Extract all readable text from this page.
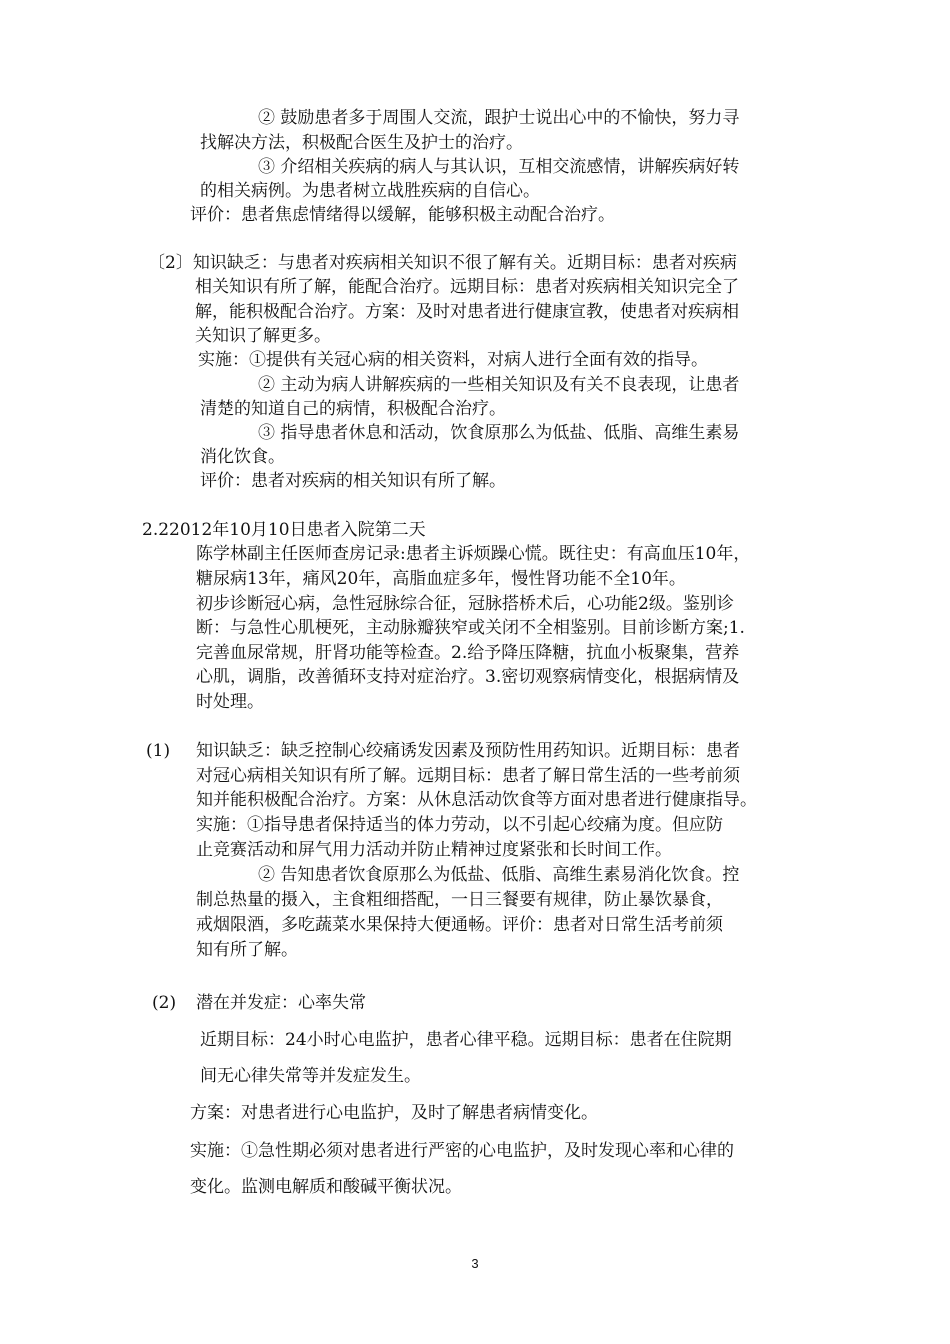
② 鼓励患者多于周围人交流，跟护士说出心中的不愉快，努力寻

找解决方法，积极配合医生及护士的治疗。

③ 介绍相关疾病的病人与其认识，互相交流感情，讲解疾病好转

的相关病例。为患者树立战胜疾病的自信心。

评价：患者焦虑情绪得以缓解，能够积极主动配合治疗。

〔2〕知识缺乏：与患者对疾病相关知识不很了解有关。近期目标：患者对疾病

相关知识有所了解，能配合治疗。远期目标：患者对疾病相关知识完全了

解，能积极配合治疗。方案：及时对患者进行健康宣教，使患者对疾病相

关知识了解更多。

实施：①提供有关冠心病的相关资料，对病人进行全面有效的指导。

② 主动为病人讲解疾病的一些相关知识及有关不良表现，让患者

清楚的知道自己的病情，积极配合治疗。

③ 指导患者休息和活动，饮食原那么为低盐、低脂、高维生素易

消化饮食。

评价：患者对疾病的相关知识有所了解。

2.22012年10月10日患者入院第二天

陈学林副主任医师查房记录:患者主诉烦躁心慌。既往史：有高血压10年，

糖尿病13年，痛风20年，高脂血症多年，慢性肾功能不全10年。

初步诊断冠心病，急性冠脉综合征，冠脉搭桥术后，心功能2级。鉴别诊

断：与急性心肌梗死，主动脉瓣狭窄或关闭不全相鉴别。目前诊断方案;1.

完善血尿常规，肝肾功能等检查。2.给予降压降糖，抗血小板聚集，营养

心肌，调脂，改善循环支持对症治疗。3.密切观察病情变化，根据病情及

时处理。

(1) 知识缺乏：缺乏控制心绞痛诱发因素及预防性用药知识。近期目标：患者

对冠心病相关知识有所了解。远期目标：患者了解日常生活的一些考前须

知并能积极配合治疗。方案：从休息活动饮食等方面对患者进行健康指导。

实施：①指导患者保持适当的体力劳动，以不引起心绞痛为度。但应防

止竞赛活动和屏气用力活动并防止精神过度紧张和长时间工作。

② 告知患者饮食原那么为低盐、低脂、高维生素易消化饮食。控

制总热量的摄入，主食粗细搭配，一日三餐要有规律，防止暴饮暴食，

戒烟限酒，多吃蔬菜水果保持大便通畅。评价：患者对日常生活考前须

知有所了解。

(2) 潜在并发症：心率失常

近期目标：24小时心电监护，患者心律平稳。远期目标：患者在住院期

间无心律失常等并发症发生。

方案：对患者进行心电监护，及时了解患者病情变化。

实施：①急性期必须对患者进行严密的心电监护，及时发现心率和心律的

变化。监测电解质和酸碱平衡状况。

3
